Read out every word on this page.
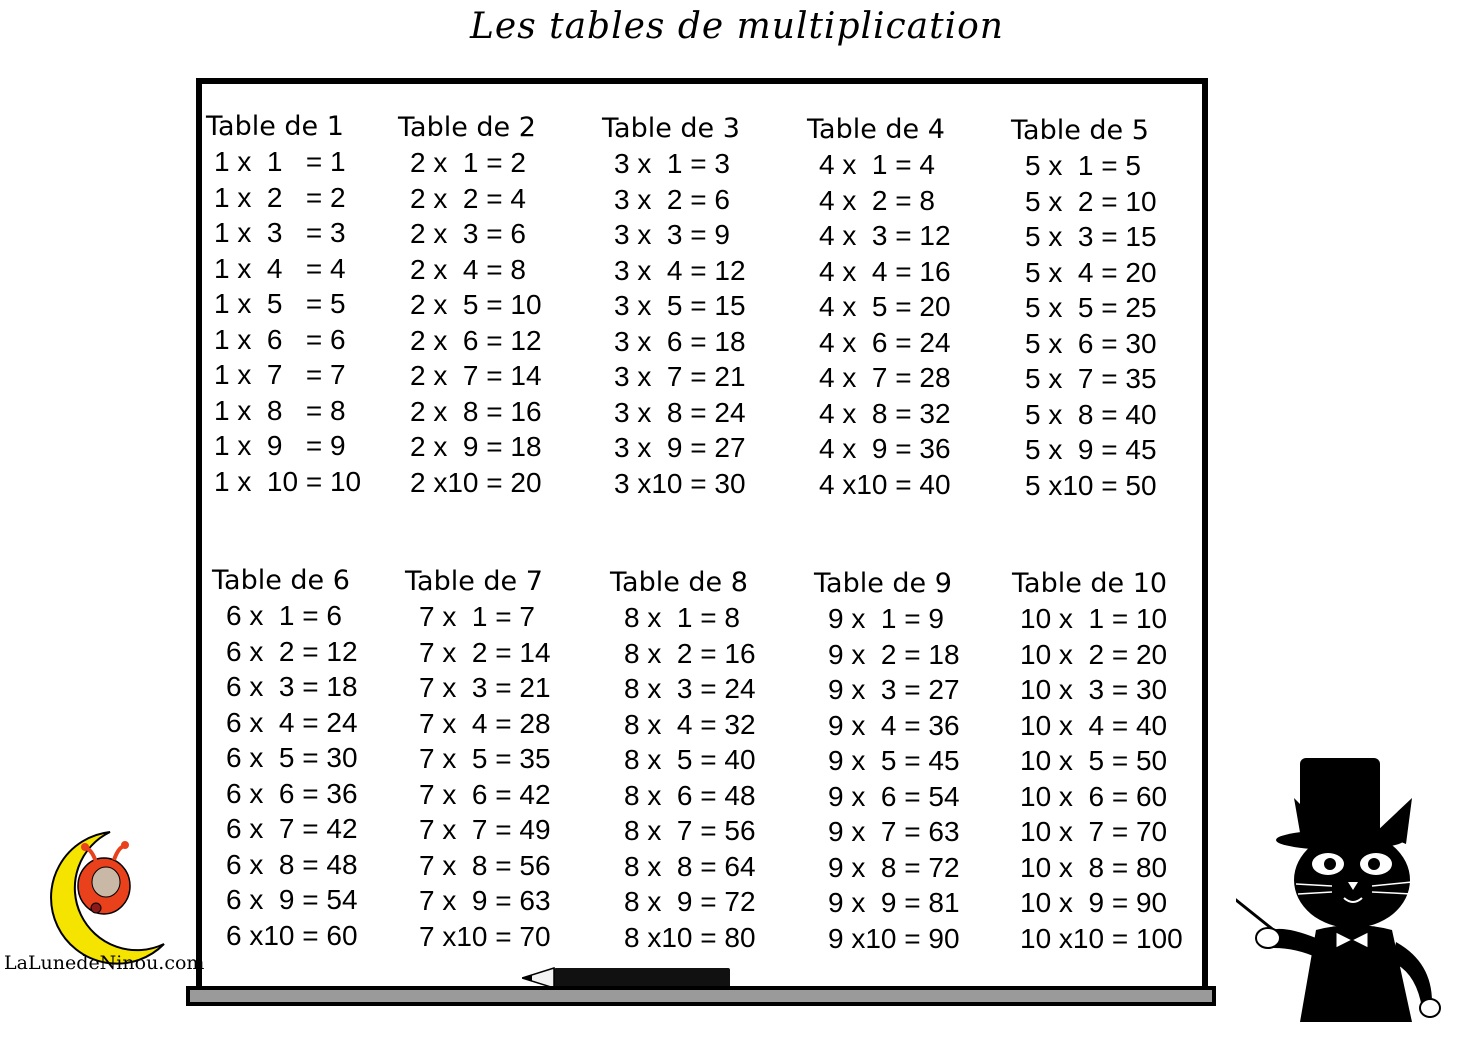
Les tables de multiplication
Table de 1
1 x  1   = 1
1 x  2   = 2
1 x  3   = 3
1 x  4   = 4
1 x  5   = 5
1 x  6   = 6
1 x  7   = 7
1 x  8   = 8
1 x  9   = 9
1 x  10 = 10
Table de 2
2 x  1 = 2
2 x  2 = 4
2 x  3 = 6
2 x  4 = 8
2 x  5 = 10
2 x  6 = 12
2 x  7 = 14
2 x  8 = 16
2 x  9 = 18
2 x10 = 20
Table de 3
3 x  1 = 3
3 x  2 = 6
3 x  3 = 9
3 x  4 = 12
3 x  5 = 15
3 x  6 = 18
3 x  7 = 21
3 x  8 = 24
3 x  9 = 27
3 x10 = 30
Table de 4
4 x  1 = 4
4 x  2 = 8
4 x  3 = 12
4 x  4 = 16
4 x  5 = 20
4 x  6 = 24
4 x  7 = 28
4 x  8 = 32
4 x  9 = 36
4 x10 = 40
Table de 5
5 x  1 = 5
5 x  2 = 10
5 x  3 = 15
5 x  4 = 20
5 x  5 = 25
5 x  6 = 30
5 x  7 = 35
5 x  8 = 40
5 x  9 = 45
5 x10 = 50
Table de 6
6 x  1 = 6
6 x  2 = 12
6 x  3 = 18
6 x  4 = 24
6 x  5 = 30
6 x  6 = 36
6 x  7 = 42
6 x  8 = 48
6 x  9 = 54
6 x10 = 60
Table de 7
7 x  1 = 7
7 x  2 = 14
7 x  3 = 21
7 x  4 = 28
7 x  5 = 35
7 x  6 = 42
7 x  7 = 49
7 x  8 = 56
7 x  9 = 63
7 x10 = 70
Table de 8
8 x  1 = 8
8 x  2 = 16
8 x  3 = 24
8 x  4 = 32
8 x  5 = 40
8 x  6 = 48
8 x  7 = 56
8 x  8 = 64
8 x  9 = 72
8 x10 = 80
Table de 9
9 x  1 = 9
9 x  2 = 18
9 x  3 = 27
9 x  4 = 36
9 x  5 = 45
9 x  6 = 54
9 x  7 = 63
9 x  8 = 72
9 x  9 = 81
9 x10 = 90
Table de 10
10 x  1 = 10
10 x  2 = 20
10 x  3 = 30
10 x  4 = 40
10 x  5 = 50
10 x  6 = 60
10 x  7 = 70
10 x  8 = 80
10 x  9 = 90
10 x10 = 100
LaLunedeNinou.com
